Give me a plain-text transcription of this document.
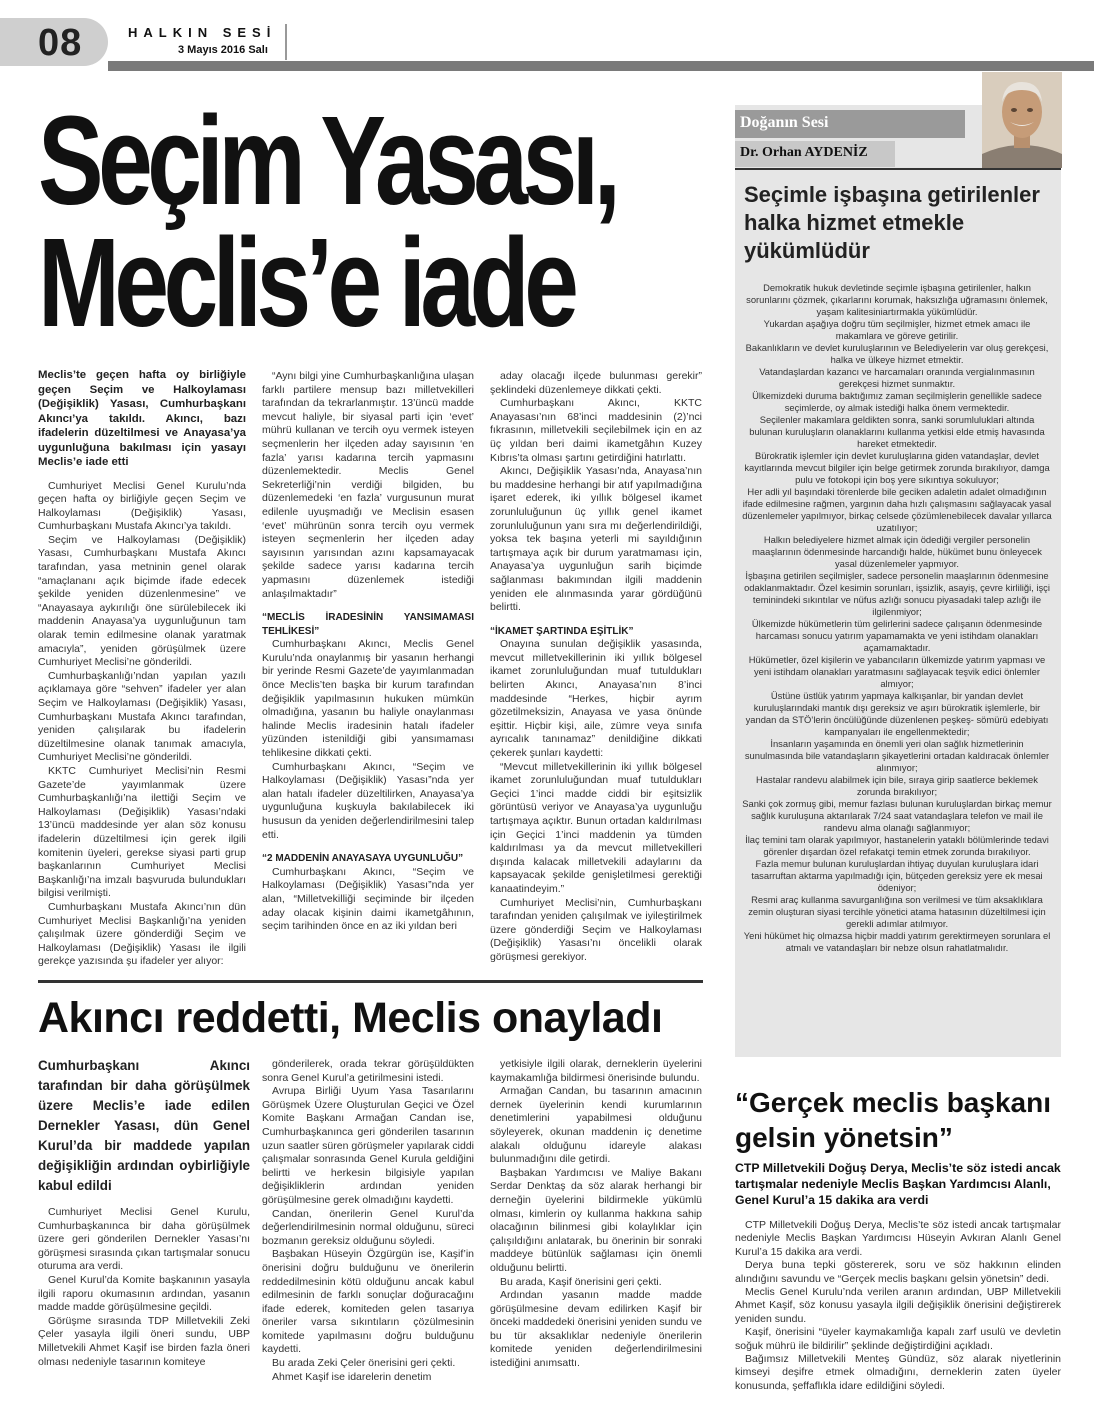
08	HALKIN SESİ
3 Mayıs 2016 Salı
Seçim Yasası,
Meclis’e iade
Meclis’te geçen hafta oy birliğiyle geçen Seçim ve Halkoylaması (Değişiklik) Yasası, Cumhurbaşkanı Akıncı’ya takıldı. Akıncı, bazı ifadelerin düzeltilmesi ve Anayasa’ya uygunluğuna bakılması için yasayı Meclis’e iade etti

Cumhuriyet Meclisi Genel Kurulu’nda geçen hafta oy birliğiyle geçen Seçim ve Halkoylaması (Değişiklik) Yasası, Cumhurbaşkanı Mustafa Akıncı’ya takıldı.

Seçim ve Halkoylaması (Değişiklik) Yasası, Cumhurbaşkanı Mustafa Akıncı tarafından, yasa metninin genel olarak “amaçlananı açık biçimde ifade edecek şekilde yeniden düzenlenmesine” ve “Anayasaya aykırılığı öne sürülebilecek iki maddenin Anayasa’ya uygunluğunun tam olarak temin edilmesine olanak yaratmak amacıyla”, yeniden görüşülmek üzere Cumhuriyet Meclisi’ne gönderildi.

Cumhurbaşkanlığı’ndan yapılan yazılı açıklamaya göre “sehven” ifadeler yer alan Seçim ve Halkoylaması (Değişiklik) Yasası, Cumhurbaşkanı Mustafa Akıncı tarafından, yeniden çalışılarak bu ifadelerin düzeltilmesine olanak tanımak amacıyla, Cumhuriyet Meclisi’ne gönderildi.

KKTC Cumhuriyet Meclisi’nin Resmi Gazete’de yayımlanmak üzere Cumhurbaşkanlığı’na ilettiği Seçim ve Halkoylaması (Değişiklik) Yasası’ndaki 13’üncü maddesinde yer alan söz konusu ifadelerin düzeltilmesi için gerek ilgili komitenin üyeleri, gerekse siyasi parti grup başkanlarının Cumhuriyet Meclisi Başkanlığı’na imzalı başvuruda bulundukları bilgisi verilmişti.

Cumhurbaşkanı Mustafa Akıncı’nın dün Cumhuriyet Meclisi Başkanlığı’na yeniden çalışılmak üzere gönderdiği Seçim ve Halkoylaması (Değişiklik) Yasası ile ilgili gerekçe yazısında şu ifadeler yer alıyor:

“Aynı bilgi yine Cumhurbaşkanlığına ulaşan farklı partilere mensup bazı milletvekilleri tarafından da tekrarlanmıştır. 13’üncü madde mevcut haliyle, bir siyasal parti için ‘evet’ mührü kullanan ve tercih oyu vermek isteyen seçmenlerin her ilçeden aday sayısının ‘en fazla’ yarısı kadarına tercih yapmasını düzenlemektedir. Meclis Genel Sekreterliği’nin verdiği bilgiden, bu düzenlemedeki ‘en fazla’ vurgusunun murat edilenle uyuşmadığı ve Meclisin esasen ‘evet’ mührünün sonra tercih oyu vermek isteyen seçmenlerin her ilçeden aday sayısının yarısından azını kapsamayacak şekilde sadece yarısı kadarına tercih yapmasını düzenlemek istediği anlaşılmaktadır”

“MECLİS İRADESİNİN YANSIMAMASI TEHLİKESİ”

Cumhurbaşkanı Akıncı, Meclis Genel Kurulu’nda onaylanmış bir yasanın herhangi bir yerinde Resmi Gazete’de yayımlanmadan önce Meclis’ten başka bir kurum tarafından değişiklik yapılmasının hukuken mümkün olmadığına, yasanın bu haliyle onaylanması halinde Meclis iradesinin hatalı ifadeler yüzünden istenildiği gibi yansımaması tehlikesine dikkati çekti.

Cumhurbaşkanı Akıncı, “Seçim ve Halkoylaması (Değişiklik) Yasası”nda yer alan hatalı ifadeler düzeltilirken, Anayasa’ya uygunluğuna kuşkuyla bakılabilecek iki hususun da yeniden değerlendirilmesini talep etti.

“2 MADDENİN ANAYASAYA UYGUNLUĞU”

Cumhurbaşkanı Akıncı, “Seçim ve Halkoylaması (Değişiklik) Yasası”nda yer alan, “Milletvekilliği seçiminde bir ilçeden aday olacak kişinin daimi ikametgâhının, seçim tarihinden önce en az iki yıldan beri

aday olacağı ilçede bulunması gerekir” şeklindeki düzenlemeye dikkati çekti.

Cumhurbaşkanı Akıncı, KKTC Anayasası’nın 68’inci maddesinin (2)’nci fıkrasının, milletvekili seçilebilmek için en az üç yıldan beri daimi ikametgâhın Kuzey Kıbrıs’ta olması şartını getirdiğini hatırlattı.

Akıncı, Değişiklik Yasası’nda, Anayasa’nın bu maddesine herhangi bir atıf yapılmadığına işaret ederek, iki yıllık bölgesel ikamet zorunluluğunun üç yıllık genel ikamet zorunluluğunun yanı sıra mı değerlendirildiği, yoksa tek başına yeterli mi sayıldığının tartışmaya açık bir durum yaratmaması için, Anayasa’ya uygunluğun sarih biçimde sağlanması bakımından ilgili maddenin yeniden ele alınmasında yarar gördüğünü belirtti.

“İKAMET ŞARTINDA EŞİTLİK”

Onayına sunulan değişiklik yasasında, mevcut milletvekillerinin iki yıllık bölgesel ikamet zorunluluğundan muaf tutuldukları belirten Akıncı, Anayasa’nın 8’inci maddesinde “Herkes, hiçbir ayrım gözetilmeksizin, Anayasa ve yasa önünde eşittir. Hiçbir kişi, aile, zümre veya sınıfa ayrıcalık tanınamaz” denildiğine dikkati çekerek şunları kaydetti:

“Mevcut milletvekillerinin iki yıllık bölgesel ikamet zorunluluğundan muaf tutuldukları Geçici 1’inci madde ciddi bir eşitsizlik görüntüsü veriyor ve Anayasa’ya uygunluğu tartışmaya açıktır. Bunun ortadan kaldırılması için Geçici 1’inci maddenin ya tümden kaldırılması ya da mevcut milletvekilleri dışında kalacak milletvekili adaylarını da kapsayacak şekilde genişletilmesi gerektiği kanaatindeyim.”

Cumhuriyet Meclisi’nin, Cumhurbaşkanı tarafından yeniden çalışılmak ve iyileştirilmek üzere gönderdiği Seçim ve Halkoylaması (Değişiklik) Yasası’nı öncelikli olarak görüşmesi gerekiyor.

Akıncı reddetti, Meclis onayladı
Cumhurbaşkanı Akıncı tarafından bir daha görüşülmek üzere Meclis’e iade edilen Dernekler Yasası, dün Genel Kurul’da bir maddede yapılan değişikliğin ardından oybirliğiyle kabul edildi

Cumhuriyet Meclisi Genel Kurulu, Cumhurbaşkanınca bir daha görüşülmek üzere geri gönderilen Dernekler Yasası’nı görüşmesi sırasında çıkan tartışmalar sonucu oturuma ara verdi.

Genel Kurul’da Komite başkanının yasayla ilgili raporu okumasının ardından, yasanın madde madde görüşülmesine geçildi.

Görüşme sırasında TDP Milletvekili Zeki Çeler yasayla ilgili öneri sundu, UBP Milletvekili Ahmet Kaşif ise birden fazla öneri olması nedeniyle tasarının komiteye

gönderilerek, orada tekrar görüşüldükten sonra Genel Kurul’a getirilmesini istedi.

Avrupa Birliği Uyum Yasa Tasarılarını Görüşmek Üzere Oluşturulan Geçici ve Özel Komite Başkanı Armağan Candan ise, Cumhurbaşkanınca geri gönderilen tasarının uzun saatler süren görüşmeler yapılarak ciddi çalışmalar sonrasında Genel Kurula geldiğini belirtti ve herkesin bilgisiyle yapılan değişikliklerin ardından yeniden görüşülmesine gerek olmadığını kaydetti.

Candan, önerilerin Genel Kurul’da değerlendirilmesinin normal olduğunu, süreci bozmanın gereksiz olduğunu söyledi.

Başbakan Hüseyin Özgürgün ise, Kaşif’in önerisini doğru bulduğunu ve önerilerin reddedilmesinin kötü olduğunu ancak kabul edilmesinin de farklı sonuçlar doğuracağını ifade ederek, komiteden gelen tasarıya öneriler varsa sıkıntıların çözülmesinin komitede yapılmasını doğru bulduğunu kaydetti.

Bu arada Zeki Çeler önerisini geri çekti.

Ahmet Kaşif ise idarelerin denetim

yetkisiyle ilgili olarak, derneklerin üyelerini kaymakamlığa bildirmesi önerisinde bulundu.

Armağan Candan, bu tasarının amacının dernek üyelerinin kendi kurumlarının denetimlerini yapabilmesi olduğunu söyleyerek, okunan maddenin iç denetime alakalı olduğunu idareyle alakası bulunmadığını dile getirdi.

Başbakan Yardımcısı ve Maliye Bakanı Serdar Denktaş da söz alarak herhangi bir derneğin üyelerini bildirmekle yükümlü olması, kimlerin oy kullanma hakkına sahip olacağının bilinmesi gibi kolaylıklar için çalışıldığını anlatarak, bu önerinin bir sonraki maddeye bütünlük sağlaması için önemli olduğunu belirtti.

Bu arada, Kaşif önerisini geri çekti.

Ardından yasanın madde madde görüşülmesine devam edilirken Kaşif bir önceki maddedeki önerisini yeniden sundu ve bu tür aksaklıklar nedeniyle önerilerin komitede yeniden değerlendirilmesini istediğini anımsattı.

Doğanın Sesi
Dr. Orhan AYDENİZ
Seçimle işbaşına getirilenler halka hizmet etmekle yükümlüdür

Demokratik hukuk devletinde seçimle işbaşına getirilenler, halkın sorunlarını çözmek, çıkarlarını korumak, haksızlığa uğramasını önlemek, yaşam kalitesiniartırmakla yükümlüdür.

Yukardan aşağıya doğru tüm seçilmişler, hizmet etmek amacı ile makamlara ve göreve getirilir.

Bakanlıkların ve devlet kuruluşlarının ve Belediyelerin var oluş gerekçesi, halka ve ülkeye hizmet etmektir.

Vatandaşlardan kazancı ve harcamaları oranında vergialınmasının gerekçesi hizmet sunmaktır.

Ülkemizdeki duruma baktığımız zaman seçilmişlerin genellikle sadece seçimlerde, oy almak istediği halka önem vermektedir.

Seçilenler makamlara geldikten sonra, sanki sorumluluklari altında bulunan kuruluşların olanaklarını kullanma yetkisi elde etmiş havasında hareket etmektedir.

Bürokratik işlemler için devlet kuruluşlarına giden vatandaşlar, devlet kayıtlarında mevcut bilgiler için belge getirmek zorunda bırakılıyor, damga pulu ve fotokopi için boş yere sıkıntıya sokuluyor;

Her adli yıl başındaki törenlerde bile geciken adaletin adalet olmadığının ifade edilmesine rağmen, yargının daha hızlı çalışmasını sağlayacak yasal düzenlemeler yapılmıyor, birkaç celsede çözümlenebilecek davalar yıllarca uzatılıyor;

Halkın belediyelere hizmet almak için ödediği vergiler personelin maaşlarının ödenmesinde harcandığı halde, hükümet bunu önleyecek yasal düzenlemeler yapmıyor.

İşbaşına getirilen seçilmişler, sadece personelin maaşlarının ödenmesine odaklanmaktadır. Özel kesimin sorunları, işsizlik, asayiş, çevre kirliliği, işçi teminindeki sıkıntılar ve nüfus azlığı sonucu piyasadaki talep azlığı ile ilgilenmiyor;

Ülkemizde hükümetlerin tüm gelirlerini sadece çalışanın ödenmesinde harcaması sonucu yatırım yapamamakta ve yeni istihdam olanakları açamamaktadır.

Hükümetler, özel kişilerin ve yabancıların ülkemizde yatırım yapması ve yeni istihdam olanakları yaratmasını sağlayacak teşvik edici önlemler almıyor;

Üstüne üstlük yatırım yapmaya kalkışanlar, bir yandan devlet kuruluşlarındaki mantık dışı gereksiz ve aşırı bürokratik işlemlerle, bir yandan da STÖ’lerin öncülüğünde düzenlenen peşkeş- sömürü edebiyatı kampanyaları ile engellenmektedir;

İnsanların yaşamında en önemli yeri olan sağlık hizmetlerinin sunulmasında bile vatandaşların şikayetlerini ortadan kaldıracak önlemler alınmıyor;

Hastalar randevu alabilmek için bile, sıraya girip saatlerce beklemek zorunda bırakılıyor;

Sanki çok zormuş gibi, memur fazlası bulunan kuruluşlardan birkaç memur sağlık kuruluşuna aktarılarak 7/24 saat vatandaşlara telefon ve mail ile randevu alma olanağı sağlanmıyor;

İlaç temini tam olarak yapılmıyor, hastanelerin yataklı bölümlerinde tedavi görenler dışardan özel refakatçi temin etmek zorunda bırakılıyor.

Fazla memur bulunan kuruluşlardan ihtiyaç duyulan kuruluşlara idari tasarruftan aktarma yapılmadığı için, bütçeden gereksiz yere ek mesai ödeniyor;

Resmi araç kullanma savurganlığına son verilmesi ve tüm aksaklıklara zemin oluşturan siyasi tercihle yönetici atama hatasının düzeltilmesi için gerekli adımlar atılmıyor.

Yeni hükümet hiç olmazsa hiçbir maddi yatırım gerektirmeyen sorunlara el atmalı ve vatandaşları bir nebze olsun rahatlatmalıdır.

“Gerçek meclis başkanı gelsin yönetsin”
CTP Milletvekili Doğuş Derya, Meclis’te söz istedi ancak tartışmalar nedeniyle Meclis Başkan Yardımcısı Alanlı, Genel Kurul’a 15 dakika ara verdi

CTP Milletvekili Doğuş Derya, Meclis’te söz istedi ancak tartışmalar nedeniyle Meclis Başkan Yardımcısı Hüseyin Avkıran Alanlı Genel Kurul’a 15 dakika ara verdi.

Derya buna tepki göstererek, soru ve söz hakkının elinden alındığını savundu ve “Gerçek meclis başkanı gelsin yönetsin” dedi.

Meclis Genel Kurulu’nda verilen aranın ardından, UBP Milletvekili Ahmet Kaşif, söz konusu yasayla ilgili değişiklik önerisini değiştirerek yeniden sundu.

Kaşif, önerisini “üyeler kaymakamlığa kapalı zarf usulü ve devletin soğuk mührü ile bildirilir” şeklinde değiştirdiğini açıkladı.

Bağımsız Milletvekili Menteş Gündüz, söz alarak niyetlerinin kimseyi deşifre etmek olmadığını, derneklerin zaten üyeler konusunda, şeffaflıkla idare edildiğini söyledi.
